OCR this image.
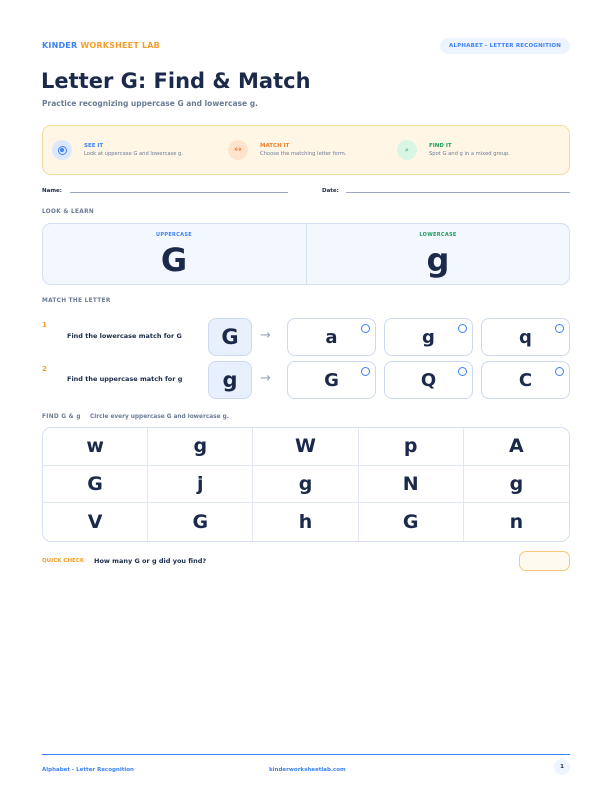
KINDER WORKSHEET LAB	ALPHABET - LETTER RECOGNITION
Letter G: Find & Match
Practice recognizing uppercase G and lowercase g.
SEE IT
Look at uppercase G and lowercase g.	↔	MATCH IT
Choose the matching letter form.
⌕	FIND IT
Spot G and g in a mixed group.
Name:	Date:
LOOK & LEARN
UPPERCASE
G
LOWERCASE
g
MATCH THE LETTER
1
Find the lowercase match for G	G	→	a	g	q
2
Find the uppercase match for g	g	→	G	Q	C
FIND G & g Circle every uppercase G and lowercase g.
w	g	W	p	A
G	j	g	N	g
V	G	h	G	n
QUICK CHECK How many G or g did you find?
Alphabet - Letter Recognition	kinderworksheetlab.com	1
